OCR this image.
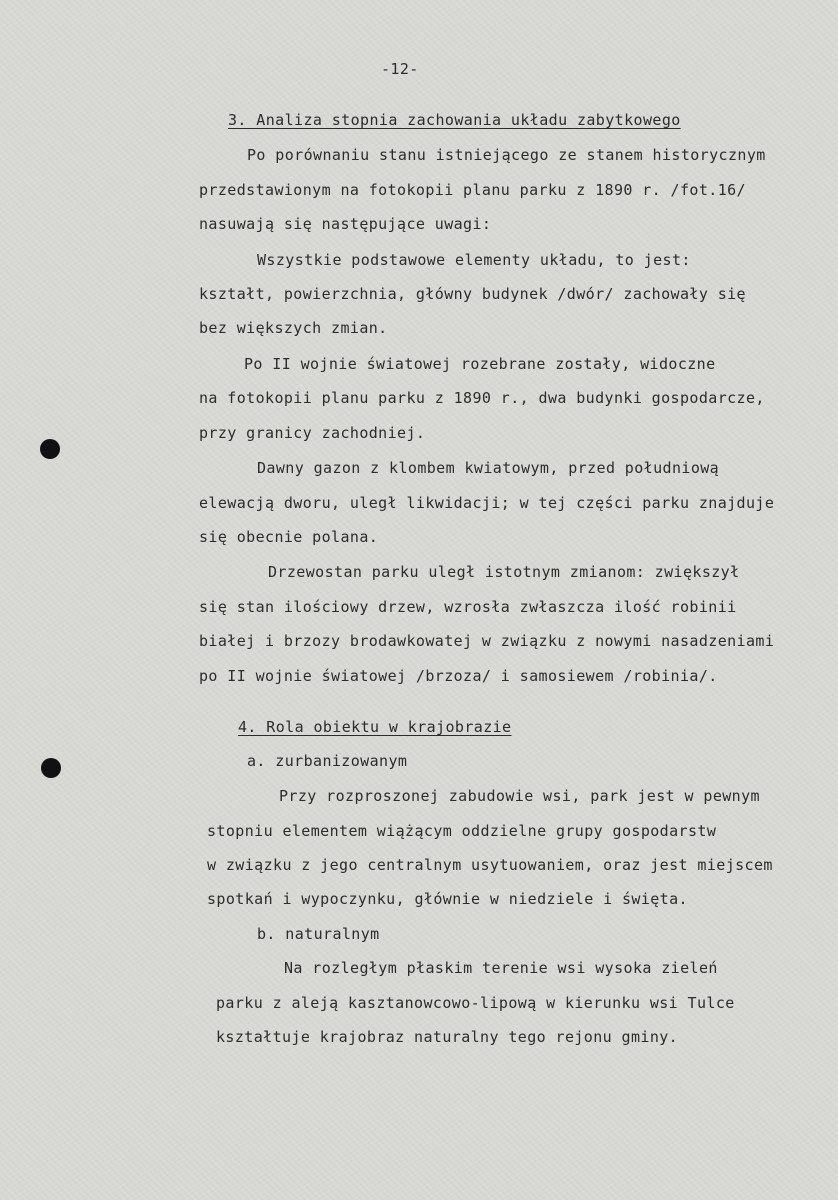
-12-
3. Analiza stopnia zachowania układu zabytkowego
Po porównaniu stanu istniejącego ze stanem historycznym
przedstawionym na fotokopii planu parku z 1890 r. /fot.16/
nasuwają się następujące uwagi:
Wszystkie podstawowe elementy układu, to jest:
kształt, powierzchnia, główny budynek /dwór/ zachowały się
bez większych zmian.
Po II wojnie światowej rozebrane zostały, widoczne
na fotokopii planu parku z 1890 r., dwa budynki gospodarcze,
przy granicy zachodniej.
Dawny gazon z klombem kwiatowym, przed południową
elewacją dworu, uległ likwidacji; w tej części parku znajduje
się obecnie polana.
Drzewostan parku uległ istotnym zmianom: zwiększył
się stan ilościowy drzew, wzrosła zwłaszcza ilość robinii
białej i brzozy brodawkowatej w związku z nowymi nasadzeniami
po II wojnie światowej /brzoza/ i samosiewem /robinia/.
4. Rola obiektu w krajobrazie
a. zurbanizowanym
Przy rozproszonej zabudowie wsi, park jest w pewnym
stopniu elementem wiążącym oddzielne grupy gospodarstw
w związku z jego centralnym usytuowaniem, oraz jest miejscem
spotkań i wypoczynku, głównie w niedziele i święta.
b. naturalnym
Na rozległym płaskim terenie wsi wysoka zieleń
parku z aleją kasztanowcowo-lipową w kierunku wsi Tulce
kształtuje krajobraz naturalny tego rejonu gminy.
